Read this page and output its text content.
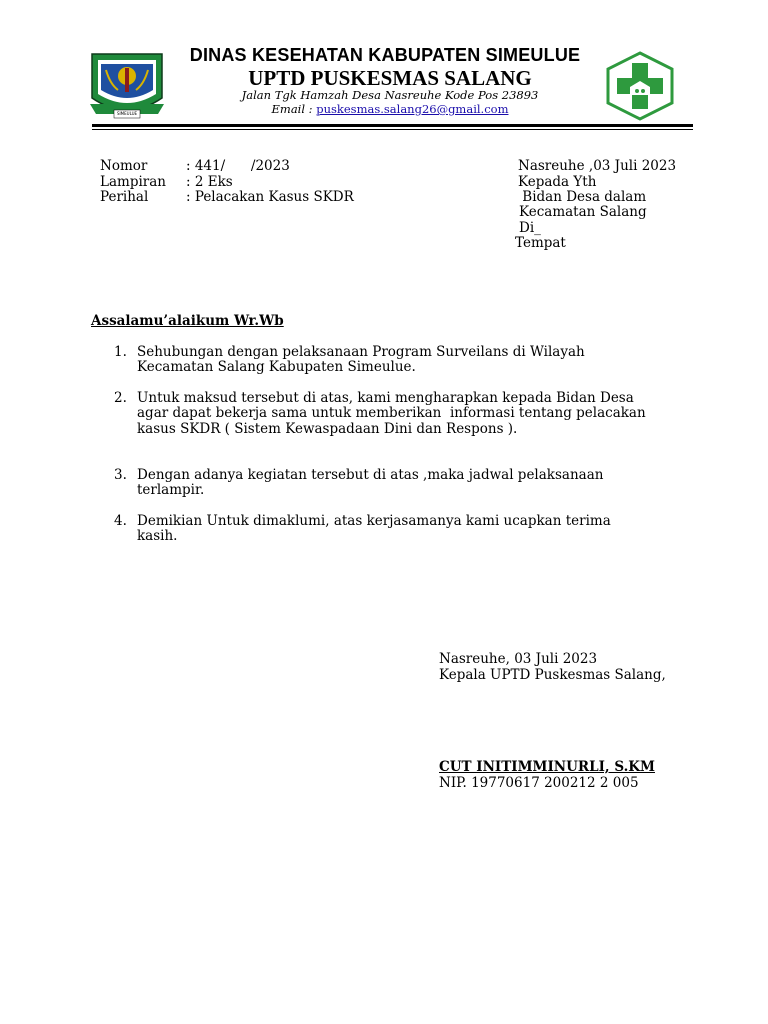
SIMEULUE
DINAS KESEHATAN KABUPATEN SIMEULUE
UPTD PUSKESMAS SALANG
Jalan Tgk Hamzah Desa Nasreuhe Kode Pos 23893
Email : puskesmas.salang26@gmail.com
Nomor	: 441/      /2023
Lampiran : 2 Eks
Perihal	: Pelacakan Kasus SKDR
Nasreuhe ,03 Juli 2023
Kepada Yth
Bidan Desa dalam
Kecamatan Salang
Di_
Tempat
Assalamu’alaikum Wr.Wb
1. Sehubungan dengan pelaksanaan Program Surveilans di Wilayah
Kecamatan Salang Kabupaten Simeulue.
2. Untuk maksud tersebut di atas, kami mengharapkan kepada Bidan Desa
agar dapat bekerja sama untuk memberikan  informasi tentang pelacakan
kasus SKDR ( Sistem Kewaspadaan Dini dan Respons ).
3. Dengan adanya kegiatan tersebut di atas ,maka jadwal pelaksanaan
terlampir.
4. Demikian Untuk dimaklumi, atas kerjasamanya kami ucapkan terima
kasih.
Nasreuhe, 03 Juli 2023
Kepala UPTD Puskesmas Salang,
CUT INITIMMINURLI, S.KM
NIP. 19770617 200212 2 005
